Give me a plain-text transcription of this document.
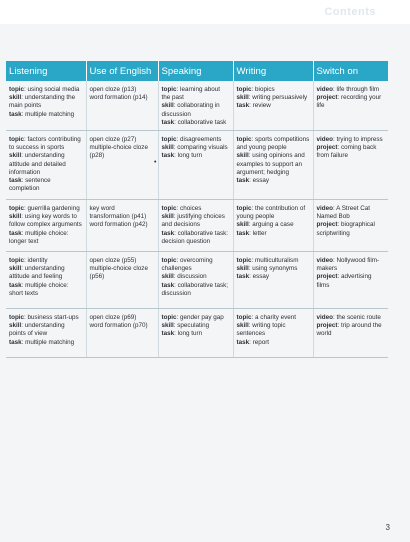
Contents
Listening	Use of English	Speaking	Writing	Switch on

topic: using social media
skill: understanding the main points
task: multiple matching	open cloze (p13)
word formation (p14)	topic: learning about the past
skill: collaborating in discussion
task: collaborative task	topic: biopics
skill: writing persuasively
task: review	video: life through film
project: recording your life

topic: factors contributing to success in sports
skill: understanding attitude and detailed information
task: sentence completion	open cloze (p27)
multiple-choice cloze (p28)	topic: disagreements
skill: comparing visuals
task: long turn	topic: sports competitions and young people
skill: using opinions and examples to support an argument; hedging
task: essay	video: trying to impress
project: coming back from failure

topic: guerrilla gardening
skill: using key words to follow complex arguments
task: multiple choice: longer text	key word transformation (p41)
word formation (p42)	topic: choices
skill: justifying choices and decisions
task: collaborative task: decision question	topic: the contribution of young people
skill: arguing a case
task: letter	video: A Street Cat Named Bob
project: biographical scriptwriting

topic: identity
skill: understanding attitude and feeling
task: multiple choice: short texts	open cloze (p55)
multiple-choice cloze (p56)	topic: overcoming challenges
skill: discussion
task: collaborative task; discussion	topic: multiculturalism
skill: using synonyms
task: essay	video: Nollywood film-makers
project: advertising films

topic: business start-ups
skill: understanding points of view
task: multiple matching	open cloze (p69)
word formation (p70)	topic: gender pay gap
skill: speculating
task: long turn	topic: a charity event
skill: writing topic sentences
task: report	video: the scenic route
project: trip around the world
•
3
